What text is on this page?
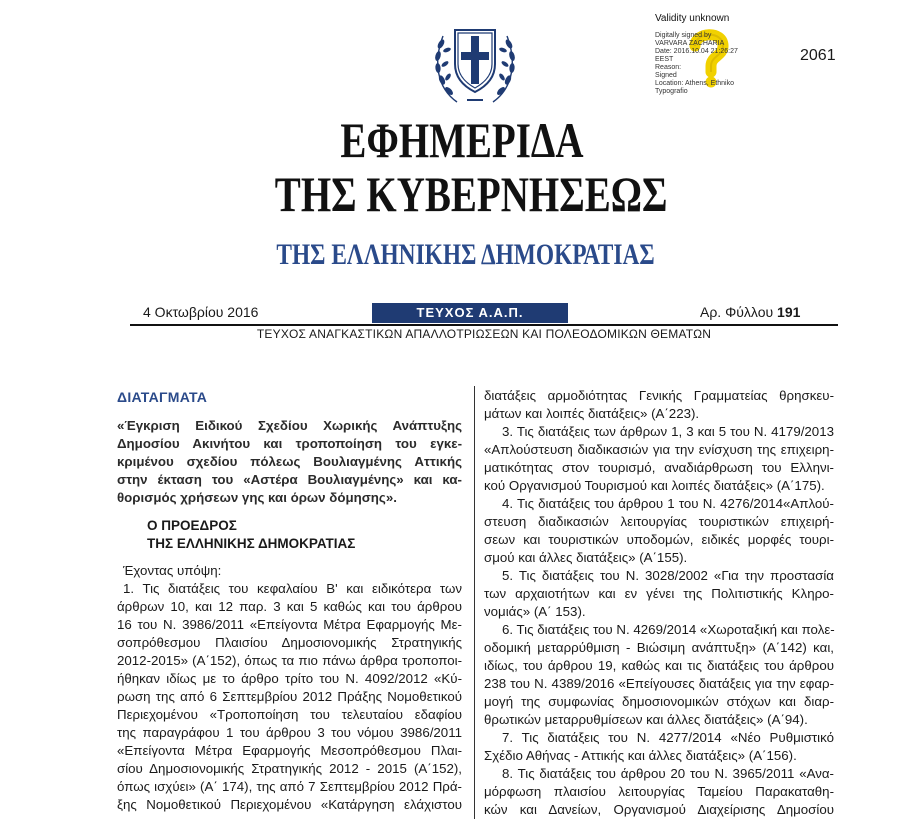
2061
Validity unknown
Digitally signed by
VARVARA ZACHARIA
Date: 2016.10.04 21:26:27
EEST
Reason:
Signed
Location: Athens, Ethniko
Typografio
ΕΦΗΜΕΡΙΔΑ
ΤΗΣ ΚΥΒΕΡΝΗΣΕΩΣ
ΤΗΣ ΕΛΛΗΝΙΚΗΣ ΔΗΜΟΚΡΑΤΙΑΣ
4 Οκτωβρίου 2016	ΤΕΥΧΟΣ Α.Α.Π.	Αρ. Φύλλου 191
ΤΕΥΧΟΣ ΑΝΑΓΚΑΣΤΙΚΩΝ ΑΠΑΛΛΟΤΡΙΩΣΕΩΝ ΚΑΙ ΠΟΛΕΟΔΟΜΙΚΩΝ ΘΕΜΑΤΩΝ

ΔΙΑΤΑΓΜΑΤΑ

«Έγκριση Ειδικού Σχεδίου Χωρικής Ανάπτυξης

Δημοσίου Ακινήτου και τροποποίηση του εγκε-

κριμένου σχεδίου πόλεως Βουλιαγμένης Αττικής

στην έκταση του «Αστέρα Βουλιαγμένης» και κα-

θορισμός χρήσεων γης και όρων δόμησης».

Ο ΠΡΟΕΔΡΟΣ

ΤΗΣ ΕΛΛΗΝΙΚΗΣ ΔΗΜΟΚΡΑΤΙΑΣ

Έχοντας υπόψη:

1. Τις διατάξεις του κεφαλαίου Β' και ειδικότερα των

άρθρων 10, και 12 παρ. 3 και 5 καθώς και του άρθρου

16 του Ν. 3986/2011 «Επείγοντα Μέτρα Εφαρμογής Με-

σοπρόθεσμου Πλαισίου Δημοσιονομικής Στρατηγικής

2012-2015» (Α΄152), όπως τα πιο πάνω άρθρα τροποποι-

ήθηκαν ιδίως με το άρθρο τρίτο του Ν. 4092/2012 «Κύ-

ρωση της από 6 Σεπτεμβρίου 2012 Πράξης Νομοθετικού

Περιεχομένου «Τροποποίηση του τελευταίου εδαφίου

της παραγράφου 1 του άρθρου 3 του νόμου 3986/2011

«Επείγοντα Μέτρα Εφαρμογής Μεσοπρόθεσμου Πλαι-

σίου Δημοσιονομικής Στρατηγικής 2012 - 2015 (Α΄152),

όπως ισχύει» (Α΄ 174), της από 7 Σεπτεμβρίου 2012 Πρά-

ξης Νομοθετικού Περιεχομένου «Κατάργηση ελάχιστου

διατάξεις αρμοδιότητας Γενικής Γραμματείας θρησκευ-

μάτων και λοιπές διατάξεις» (Α΄223).

3. Τις διατάξεις των άρθρων 1, 3 και 5 του Ν. 4179/2013

«Απλούστευση διαδικασιών για την ενίσχυση της επιχειρη-

ματικότητας στον τουρισμό, αναδιάρθρωση του Ελληνι-

κού Οργανισμού Τουρισμού και λοιπές διατάξεις» (Α΄175).

4. Τις διατάξεις του άρθρου 1 του Ν. 4276/2014«Απλού-

στευση διαδικασιών λειτουργίας τουριστικών επιχειρή-

σεων και τουριστικών υποδομών, ειδικές μορφές τουρι-

σμού και άλλες διατάξεις» (Α΄155).

5. Τις διατάξεις του Ν. 3028/2002 «Για την προστασία

των αρχαιοτήτων και εν γένει της Πολιτιστικής Κληρο-

νομιάς» (Α΄ 153).

6. Τις διατάξεις του Ν. 4269/2014 «Χωροταξική και πολε-

οδομική μεταρρύθμιση - Βιώσιμη ανάπτυξη» (Α΄142) και,

ιδίως, του άρθρου 19, καθώς και τις διατάξεις του άρθρου

238 του Ν. 4389/2016 «Επείγουσες διατάξεις για την εφαρ-

μογή της συμφωνίας δημοσιονομικών στόχων και διαρ-

θρωτικών μεταρρυθμίσεων και άλλες διατάξεις» (Α΄94).

7. Τις διατάξεις του Ν. 4277/2014 «Νέο Ρυθμιστικό

Σχέδιο Αθήνας - Αττικής και άλλες διατάξεις» (Α΄156).

8. Τις διατάξεις του άρθρου 20 του Ν. 3965/2011 «Ανα-

μόρφωση πλαισίου λειτουργίας Ταμείου Παρακαταθη-

κών και Δανείων, Οργανισμού Διαχείρισης Δημοσίου
